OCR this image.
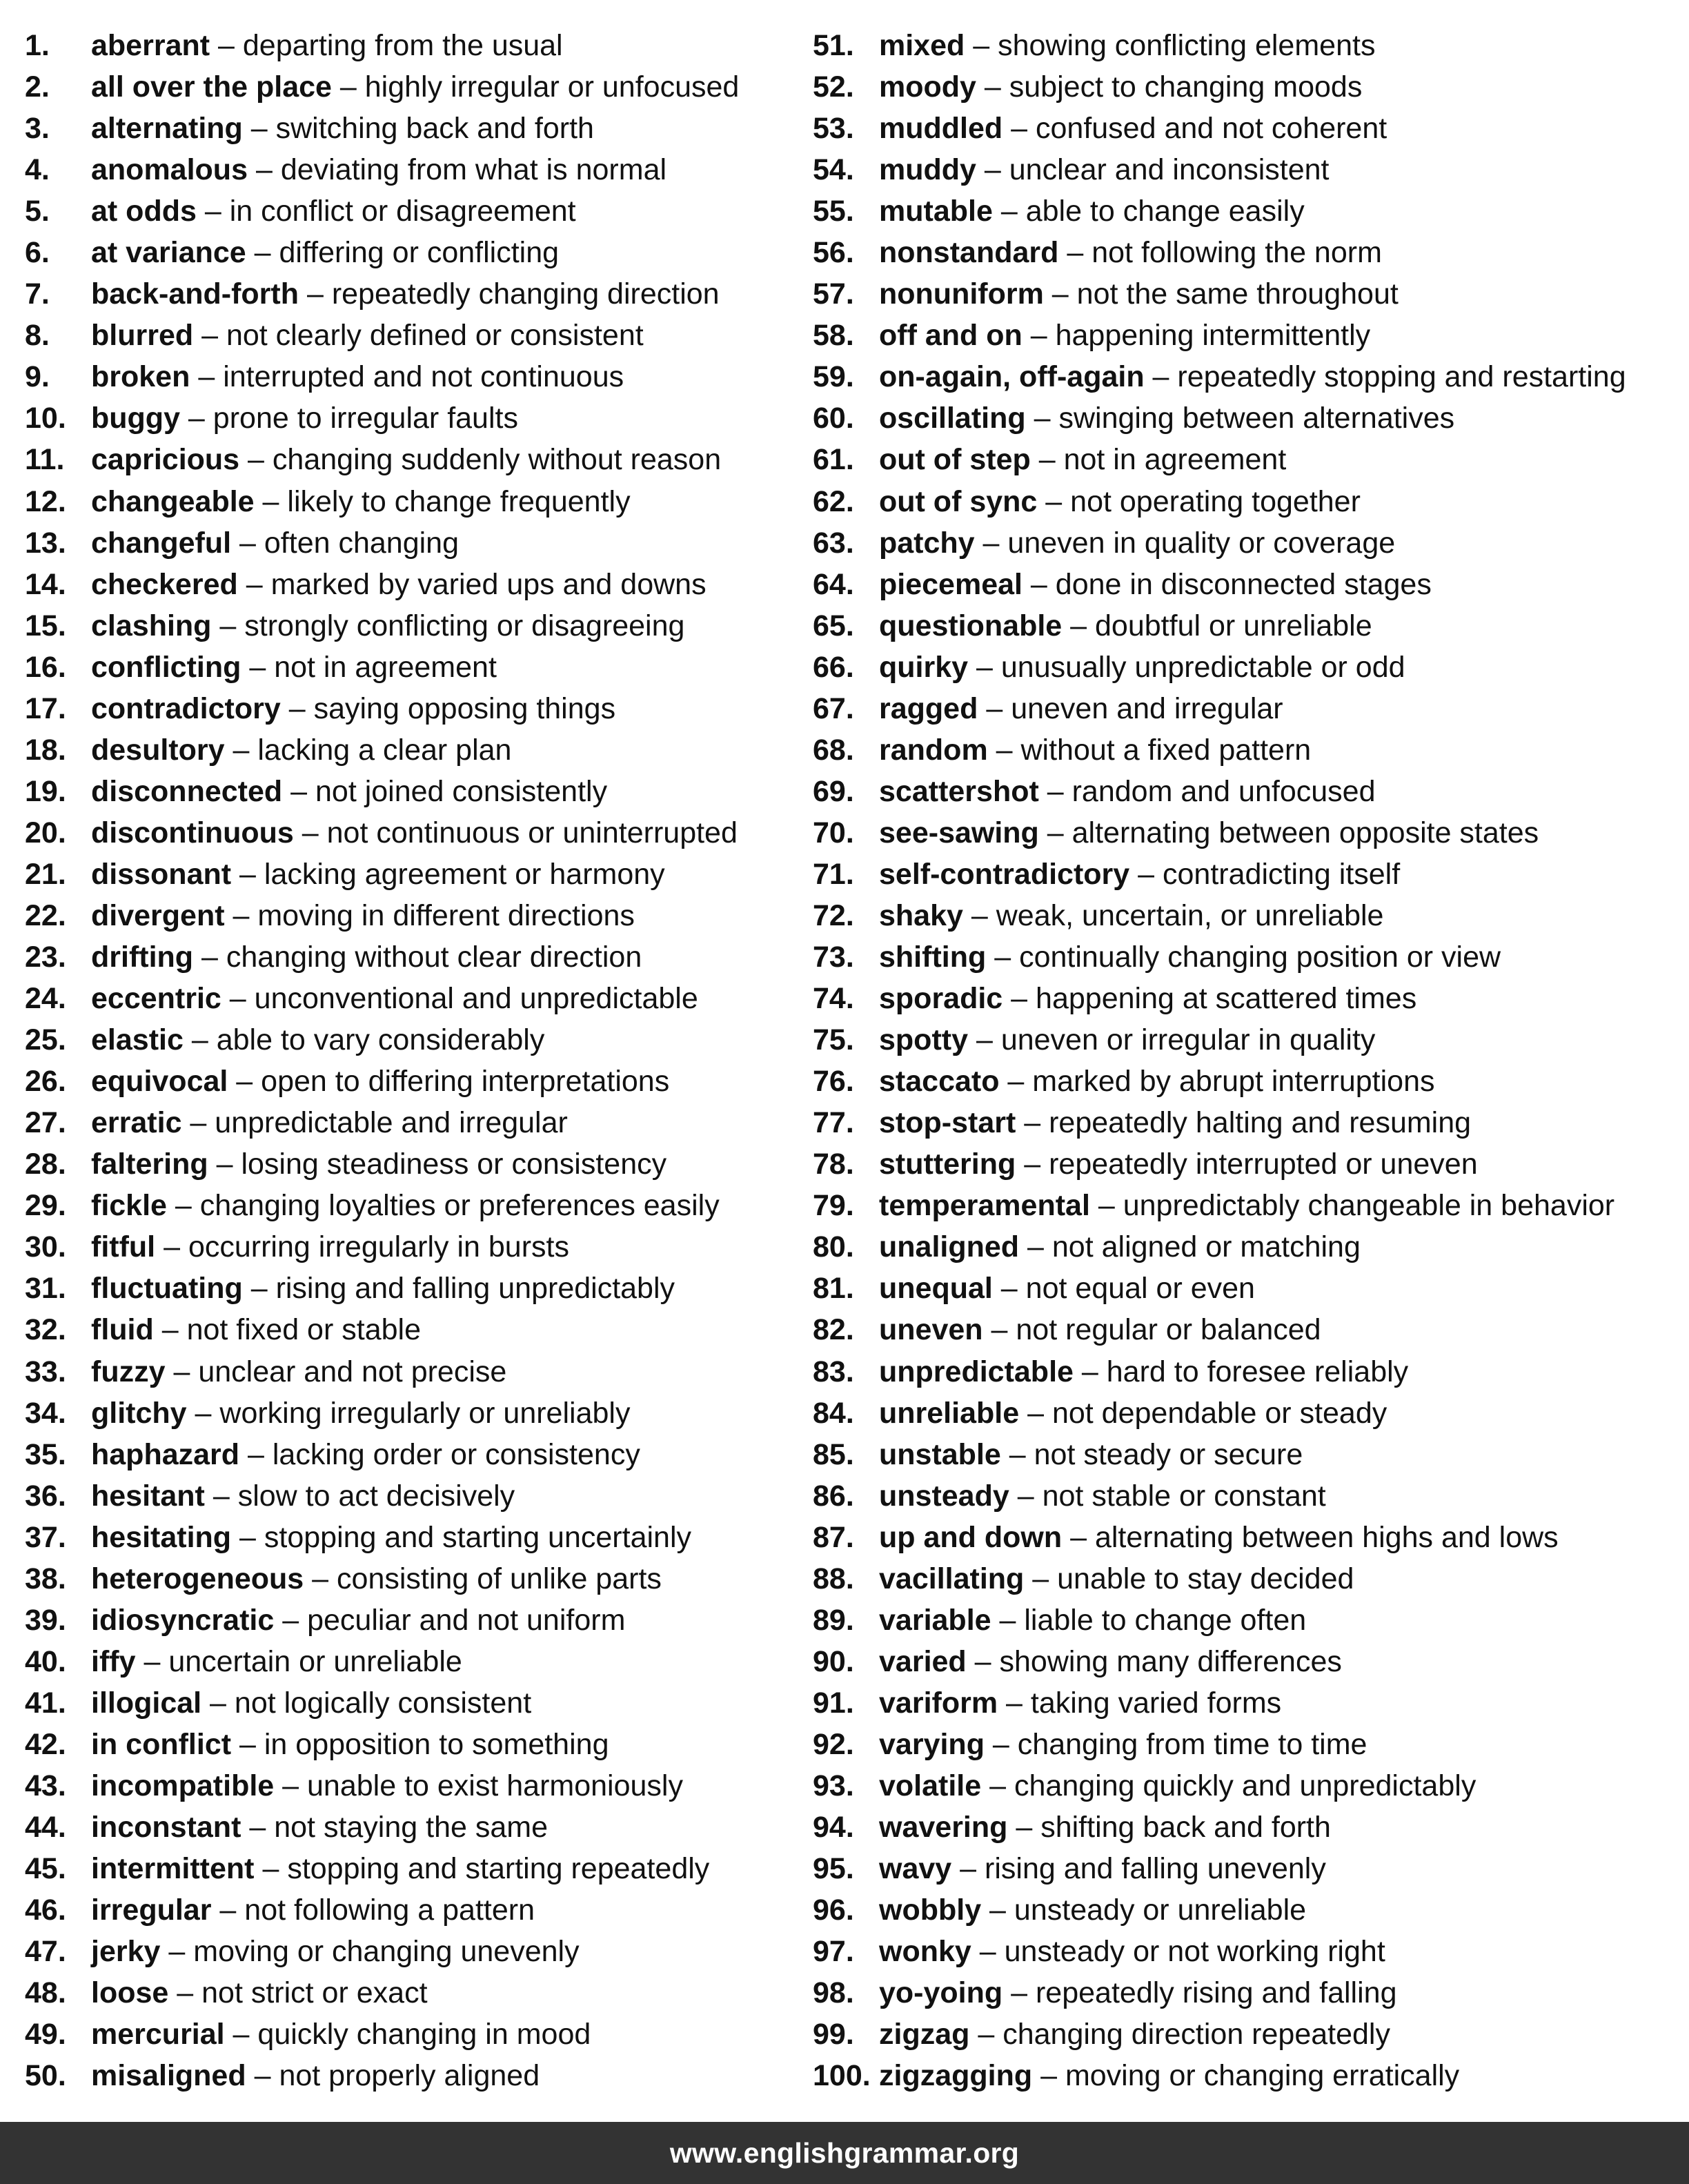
1.	aberrant – departing from the usual
2.	all over the place – highly irregular or unfocused
3.	alternating – switching back and forth
4.	anomalous – deviating from what is normal
5.	at odds – in conflict or disagreement
6.	at variance – differing or conflicting
7.	back-and-forth – repeatedly changing direction
8.	blurred – not clearly defined or consistent
9.	broken – interrupted and not continuous
10. buggy – prone to irregular faults
11. capricious – changing suddenly without reason
12. changeable – likely to change frequently
13. changeful – often changing
14. checkered – marked by varied ups and downs
15. clashing – strongly conflicting or disagreeing
16. conflicting – not in agreement
17. contradictory – saying opposing things
18. desultory – lacking a clear plan
19. disconnected – not joined consistently
20. discontinuous – not continuous or uninterrupted
21. dissonant – lacking agreement or harmony
22. divergent – moving in different directions
23. drifting – changing without clear direction
24. eccentric – unconventional and unpredictable
25. elastic – able to vary considerably
26. equivocal – open to differing interpretations
27. erratic – unpredictable and irregular
28. faltering – losing steadiness or consistency
29. fickle – changing loyalties or preferences easily
30. fitful – occurring irregularly in bursts
31. fluctuating – rising and falling unpredictably
32. fluid – not fixed or stable
33. fuzzy – unclear and not precise
34. glitchy – working irregularly or unreliably
35. haphazard – lacking order or consistency
36. hesitant – slow to act decisively
37. hesitating – stopping and starting uncertainly
38. heterogeneous – consisting of unlike parts
39. idiosyncratic – peculiar and not uniform
40. iffy – uncertain or unreliable
41. illogical – not logically consistent
42. in conflict – in opposition to something
43. incompatible – unable to exist harmoniously
44. inconstant – not staying the same
45. intermittent – stopping and starting repeatedly
46. irregular – not following a pattern
47. jerky – moving or changing unevenly
48. loose – not strict or exact
49. mercurial – quickly changing in mood
50. misaligned – not properly aligned
51. mixed – showing conflicting elements
52. moody – subject to changing moods
53. muddled – confused and not coherent
54. muddy – unclear and inconsistent
55. mutable – able to change easily
56. nonstandard – not following the norm
57. nonuniform – not the same throughout
58. off and on – happening intermittently
59. on-again, off-again – repeatedly stopping and restarting
60. oscillating – swinging between alternatives
61. out of step – not in agreement
62. out of sync – not operating together
63. patchy – uneven in quality or coverage
64. piecemeal – done in disconnected stages
65. questionable – doubtful or unreliable
66. quirky – unusually unpredictable or odd
67. ragged – uneven and irregular
68. random – without a fixed pattern
69. scattershot – random and unfocused
70. see-sawing – alternating between opposite states
71. self-contradictory – contradicting itself
72. shaky – weak, uncertain, or unreliable
73. shifting – continually changing position or view
74. sporadic – happening at scattered times
75. spotty – uneven or irregular in quality
76. staccato – marked by abrupt interruptions
77. stop-start – repeatedly halting and resuming
78. stuttering – repeatedly interrupted or uneven
79. temperamental – unpredictably changeable in behavior
80. unaligned – not aligned or matching
81. unequal – not equal or even
82. uneven – not regular or balanced
83. unpredictable – hard to foresee reliably
84. unreliable – not dependable or steady
85. unstable – not steady or secure
86. unsteady – not stable or constant
87. up and down – alternating between highs and lows
88. vacillating – unable to stay decided
89. variable – liable to change often
90. varied – showing many differences
91. variform – taking varied forms
92. varying – changing from time to time
93. volatile – changing quickly and unpredictably
94. wavering – shifting back and forth
95. wavy – rising and falling unevenly
96. wobbly – unsteady or unreliable
97. wonky – unsteady or not working right
98. yo-yoing – repeatedly rising and falling
99. zigzag – changing direction repeatedly
100. zigzagging – moving or changing erratically
www.englishgrammar.org
